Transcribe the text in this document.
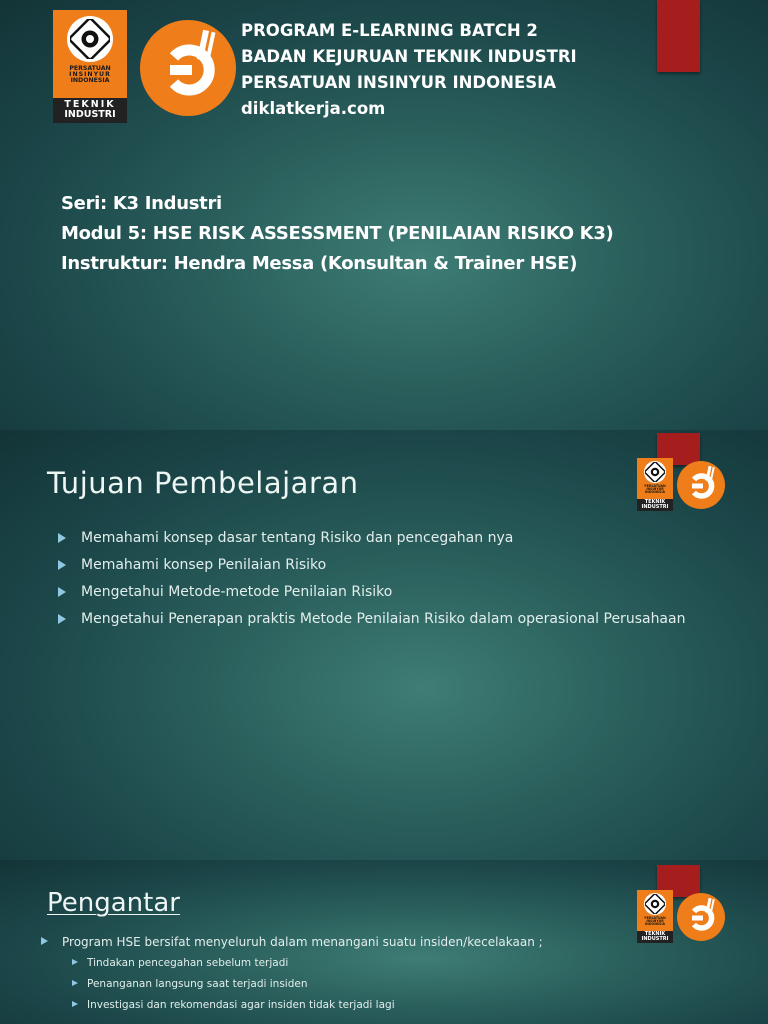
PERSATUAN
INSINYUR
INDONESIA
TEKNIK
INDUSTRI
PROGRAM E-LEARNING BATCH 2
BADAN KEJURUAN TEKNIK INDUSTRI
PERSATUAN INSINYUR INDONESIA
diklatkerja.com
Seri: K3 Industri
Modul 5: HSE RISK ASSESSMENT (PENILAIAN RISIKO K3)
Instruktur: Hendra Messa (Konsultan & Trainer HSE)
PERSATUAN
INSINYUR
INDONESIA
TEKNIK
INDUSTRI
Tujuan Pembelajaran
Memahami konsep dasar tentang Risiko dan pencegahan nya
Memahami konsep Penilaian Risiko
Mengetahui Metode-metode Penilaian Risiko
Mengetahui Penerapan praktis Metode Penilaian Risiko dalam operasional Perusahaan
PERSATUAN
INSINYUR
INDONESIA
TEKNIK
INDUSTRI
Pengantar
Program HSE bersifat menyeluruh dalam menangani suatu insiden/kecelakaan ;
Tindakan pencegahan sebelum terjadi
Penanganan langsung saat terjadi insiden
Investigasi dan rekomendasi agar insiden tidak terjadi lagi
